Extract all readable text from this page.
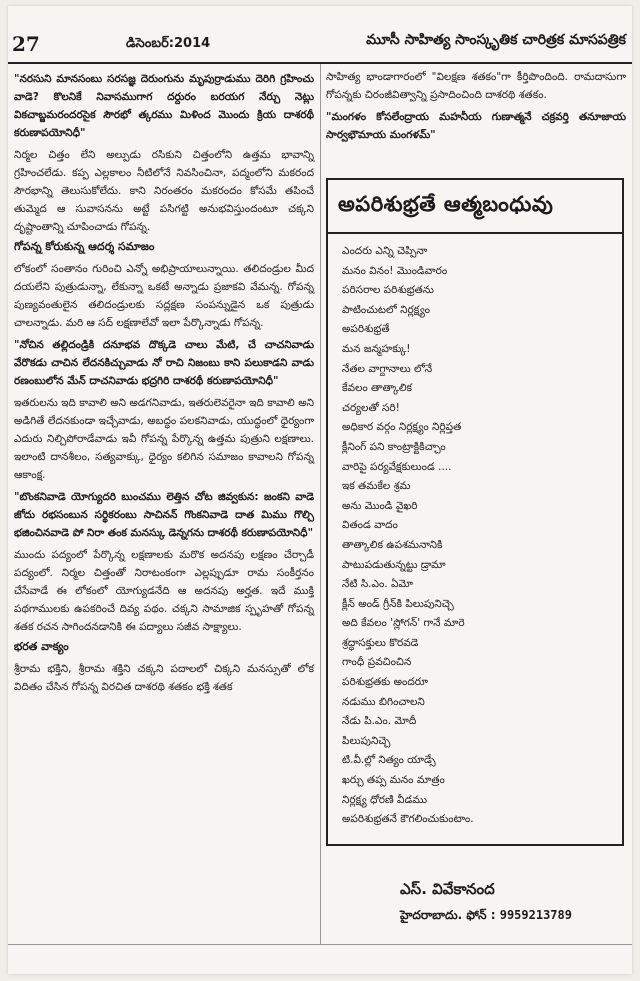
27	డిసెంబర్:2014	మూసీ సాహిత్య సాంస్కృతిక చారిత్రక మాసపత్రిక

"నరసుని మానసంబు సరసజ్ఞ దెరుంగును మృపుర్రాడుము దెరిగి గ్రహించు వాడె? కొలనికే నివాసముగాగ దర్దురం బరయగ నేర్చు నెట్లు వికచాబ్జమరందరసైక సౌరభో త్కరము మిళింద మొందు క్రియ దాశరథీ కరుణాపయోనిధీ"

నిర్మల చిత్తం లేని అల్పుడు రసికుని చిత్తంలోని ఉత్తమ భావాన్ని గ్రహించలేడు. కప్ప ఎల్లకాలం నీటిలోనే నివసించినా, పద్మంలోని మకరంద సౌరభాన్ని తెలుసుకోలేదు. కాని నిరంతరం మకరందం కోసమే తపించే తుమ్మెద ఆ సువాసనను అట్టే పసిగట్టి అనుభవిస్తుందంటూ చక్కని దృష్టాంతాన్ని చూపించాడు గోపన్న.

గోపన్న కోరుకున్న ఆదర్శ సమాజం

లోకంలో సంతానం గురించి ఎన్నో అభిప్రాయాలున్నాయి. తలిదండ్రుల మీద దయలేని పుత్రుడున్నా, లేకున్నా ఒకటే అన్నాడు ప్రజాకవి వేమన్న. గోపన్న పుణ్యవంతులైన తలిదండ్రులకు సద్లక్షణ సంపన్నుడైన ఒక పుత్రుడు చాలన్నాడు. మరి ఆ సద్ లక్షణాలేవో ఇలా పేర్కొన్నాడు గోపన్న.

"నోచిన తల్లిదండ్రికి దనూభవ దొక్కడె చాలు మేటి, చే చాచనివాడు వేరొకడు చాచిన లేదనకిచ్చువాడు నో రాచి నిజంబు కాని పలుకాడని వాడు రణంబులోన మేన్ దాచనివాడు భద్రగిరి దాశరథీ కరుణాపయోనిధీ"

ఇతరులను ఇది కావాలి అని అడగనివాడు, ఇతరులెవరైనా ఇది కావాలి అని అడిగితే లేదనకుండా ఇచ్చేవాడు, అబద్ధం పలకనివాడు, యుద్ధంలో ధైర్యంగా ఎదురు నిల్చిపోరాడేవాడు ఇవీ గోపన్న పేర్కొన్న ఉత్తమ పుత్రుని లక్షణాలు. ఇలాంటి దానశీలం, సత్యవాక్కు, ధైర్యం కలిగిన సమాజం కావాలని గోపన్న ఆకాంక్ష.

"బొంకనివాడె యోగ్యుదరి బుంచము లెత్తిన చోట జివ్వకున: జంకని వాడె జోదు రభసంబున సర్థికరంబు సాచినన్ గొంకనివాడె దాత మిము గొల్చి భజించినవాడె పో నిరా తంక మనస్కు డెన్నగను దాశరథీ కరుణాపయోనిధీ"

ముందు పద్యంలో పేర్కొన్న లక్షణాలకు మరొక అదనపు లక్షణం చేర్చాడీ పద్యంలో. నిర్మల చిత్తంతో నిరాటంకంగా ఎల్లప్పుడూ రామ సంకీర్తనం చేసేవాడే ఈ లోకంలో యోగ్యుడనేది ఆ అదనపు అర్హత. ఇదే ముక్తి పథగాములకు ఉపకరించే దివ్య పథం. చక్కని సామాజిక స్పృహతో గోపన్న శతక రచన సాగిందనడానికి ఈ పద్యాలు సజీవ సాక్ష్యాలు.

భరత వాక్యం

శ్రీరామ భక్తిని, శ్రీరామ శక్తిని చక్కని పదాలలో చిక్కని మనస్సుతో లోక విదితం చేసిన గోపన్న విరచిత దాశరథి శతకం భక్తి శతక

సాహిత్య భాండాగారంలో "విలక్షణ శతకం"గా కీర్తిపొందింది. రామదాసుగా గోపన్నకు చిరంజీవిత్వాన్ని ప్రసాదించింది దాశరథి శతకం.

"మంగళం కోసలేంద్రాయ మహనీయ గుణాత్మనే చక్రవర్తి తనూజాయ సార్వభౌమాయ మంగళమ్"

అపరిశుభ్రతే ఆత్మబంధువు
ఎందరు ఎన్ని చెప్పినా
మనం వినం! మొండివారం
పరిసరాల పరిశుభ్రతను
పాటించుటలో నిర్లక్ష్యం
అపరిశుభ్రతే
మన జన్మహక్కు!
నేతల వాగ్దానాలు లోనే
కేవలం తాత్కాలిక
చర్యలతో సరి!
అధికార వర్గం నిర్లక్ష్యం నిర్లిప్తత
క్లీనింగ్ పని కాంట్రాక్టికిచ్చాం
వారిపై పర్యవేక్షకులుండ ....
ఇక తమకేల శ్రమ
అను మొండి వైఖరి
వితండ వాదం
తాత్కాలిక ఉపశమనానికి
పాటుపడుతున్నట్టు డ్రామా
నేటి సి.ఎం. ఏమో
క్లీన్ అండ్ గ్రీన్‌కి పిలుపునిచ్చె
అది కేవలం 'స్లోగన్' గానే మారె
శ్రద్ధాసక్తులు కొరవడె
గాంధీ ప్రవచించిన
పరిశుభ్రతకు అందరూ
నడుము బిగించాలని
నేడు పి.ఎం. మోదీ
పిలుపునిచ్చె
టి.వీ.ల్లో నిత్యం యాడ్సే
ఖర్చు తప్ప మనం మాత్రం
నిర్లక్ష్య ధోరణి వీడము
అపరిశుభ్రతనే కౌగలించుకుంటాం.
ఎస్. వివేకానంద
హైదరాబాదు. ఫోన్ : 9959213789
